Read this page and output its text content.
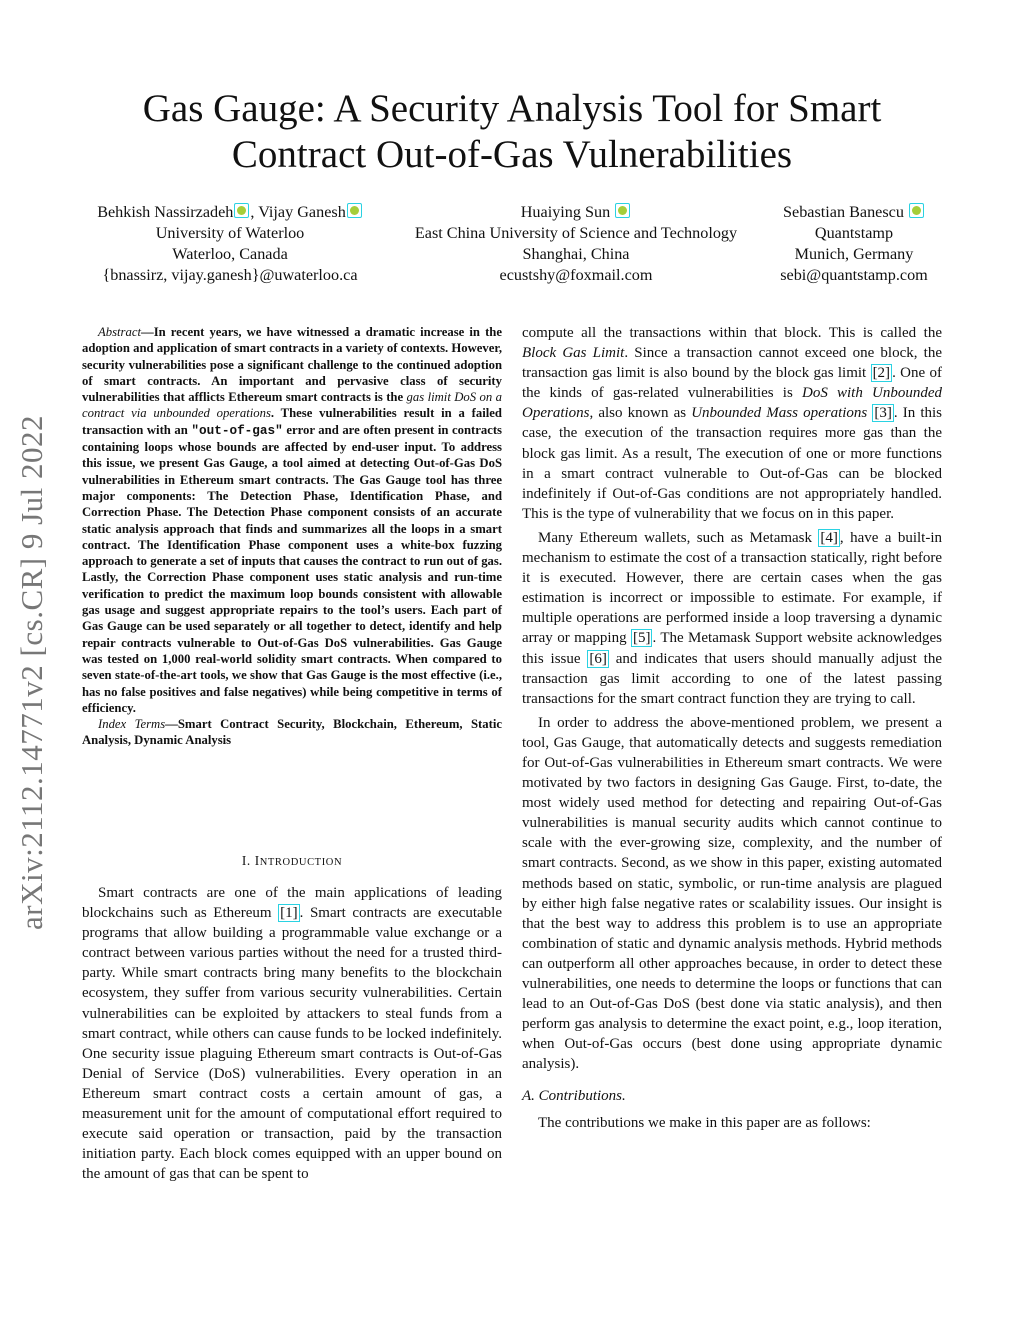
Gas Gauge: A Security Analysis Tool for Smart
Contract Out-of-Gas Vulnerabilities
Behkish Nassirzadeh , Vijay Ganesh
University of Waterloo
Waterloo, Canada
{bnassirz, vijay.ganesh}@uwaterloo.ca
Huaiying Sun
East China University of Science and Technology
Shanghai, China
ecustshy@foxmail.com
Sebastian Banescu
Quantstamp
Munich, Germany
sebi@quantstamp.com
arXiv:2112.14771v2 [cs.CR] 9 Jul 2022

Abstract—In recent years, we have witnessed a dramatic increase in the adoption and application of smart contracts in a variety of contexts. However, security vulnerabilities pose a significant challenge to the continued adoption of smart contracts. An important and pervasive class of security vulnerabilities that afflicts Ethereum smart contracts is the gas limit DoS on a contract via unbounded operations. These vulnerabilities result in a failed transaction with an "out-of-gas" error and are often present in contracts containing loops whose bounds are affected by end-user input. To address this issue, we present Gas Gauge, a tool aimed at detecting Out-of-Gas DoS vulnerabilities in Ethereum smart contracts. The Gas Gauge tool has three major components: The Detection Phase, Identification Phase, and Correction Phase. The Detection Phase component consists of an accurate static analysis approach that finds and summarizes all the loops in a smart contract. The Identification Phase component uses a white-box fuzzing approach to generate a set of inputs that causes the contract to run out of gas. Lastly, the Correction Phase component uses static analysis and run-time verification to predict the maximum loop bounds consistent with allowable gas usage and suggest appropriate repairs to the tool’s users. Each part of Gas Gauge can be used separately or all together to detect, identify and help repair contracts vulnerable to Out-of-Gas DoS vulnerabilities. Gas Gauge was tested on 1,000 real-world solidity smart contracts. When compared to seven state-of-the-art tools, we show that Gas Gauge is the most effective (i.e., has no false positives and false negatives) while being competitive in terms of efficiency.

Index Terms—Smart Contract Security, Blockchain, Ethereum, Static Analysis, Dynamic Analysis

I. INTRODUCTION

Smart contracts are one of the main applications of leading blockchains such as Ethereum [1] . Smart contracts are executable programs that allow building a programmable value exchange or a contract between various parties without the need for a trusted third-party. While smart contracts bring many benefits to the blockchain ecosystem, they suffer from various security vulnerabilities. Certain vulnerabilities can be exploited by attackers to steal funds from a smart contract, while others can cause funds to be locked indefinitely. One security issue plaguing Ethereum smart contracts is Out-of-Gas Denial of Service (DoS) vulnerabilities. Every operation in an Ethereum smart contract costs a certain amount of gas, a measurement unit for the amount of computational effort required to execute said operation or transaction, paid by the transaction initiation party. Each block comes equipped with an upper bound on the amount of gas that can be spent to

compute all the transactions within that block. This is called the Block Gas Limit. Since a transaction cannot exceed one block, the transaction gas limit is also bound by the block gas limit [2] . One of the kinds of gas-related vulnerabilities is DoS with Unbounded Operations, also known as Unbounded Mass operations [3] . In this case, the execution of the transaction requires more gas than the block gas limit. As a result, The execution of one or more functions in a smart contract vulnerable to Out-of-Gas can be blocked indefinitely if Out-of-Gas conditions are not appropriately handled. This is the type of vulnerability that we focus on in this paper.

Many Ethereum wallets, such as Metamask [4] , have a built-in mechanism to estimate the cost of a transaction statically, right before it is executed. However, there are certain cases when the gas estimation is incorrect or impossible to estimate. For example, if multiple operations are performed inside a loop traversing a dynamic array or mapping [5] . The Metamask Support website acknowledges this issue [6] and indicates that users should manually adjust the transaction gas limit according to one of the latest passing transactions for the smart contract function they are trying to call.

In order to address the above-mentioned problem, we present a tool, Gas Gauge, that automatically detects and suggests remediation for Out-of-Gas vulnerabilities in Ethereum smart contracts. We were motivated by two factors in designing Gas Gauge. First, to-date, the most widely used method for detecting and repairing Out-of-Gas vulnerabilities is manual security audits which cannot continue to scale with the ever-growing size, complexity, and the number of smart contracts. Second, as we show in this paper, existing automated methods based on static, symbolic, or run-time analysis are plagued by either high false negative rates or scalability issues. Our insight is that the best way to address this problem is to use an appropriate combination of static and dynamic analysis methods. Hybrid methods can outperform all other approaches because, in order to detect these vulnerabilities, one needs to determine the loops or functions that can lead to an Out-of-Gas DoS (best done via static analysis), and then perform gas analysis to determine the exact point, e.g., loop iteration, when Out-of-Gas occurs (best done using appropriate dynamic analysis).

A. Contributions.

The contributions we make in this paper are as follows:
